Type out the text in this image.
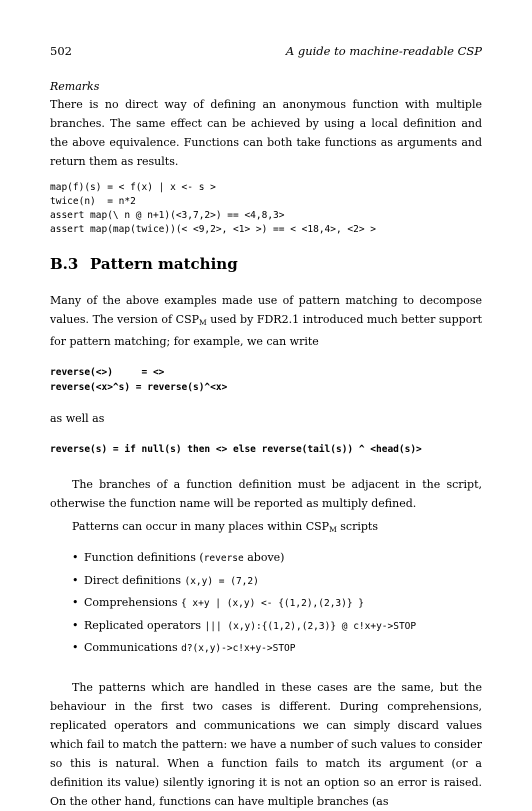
502	A guide to machine-readable CSP
Remarks

There is no direct way of defining an anonymous function with multiple branches. The same effect can be achieved by using a local definition and the above equivalence. Functions can both take functions as arguments and return them as results.

map(f)(s) = < f(x) | x <- s >
twice(n)  = n*2
assert map(\ n @ n+1)(<3,7,2>) == <4,8,3>
assert map(map(twice))(< <9,2>, <1> >) == < <18,4>, <2> >
B.3 Pattern matching

Many of the above examples made use of pattern matching to decompose values. The version of $CSP_M$ used by FDR2.1 introduced much better support for pattern matching; for example, we can write

reverse(<>)     = <>
reverse(<x>^s) = reverse(s)^<x>

as well as

reverse(s) = if null(s) then <> else reverse(tail(s)) ^ <head(s)>

The branches of a function definition must be adjacent in the script, otherwise the function name will be reported as multiply defined.

Patterns can occur in many places within $CSP_M$ scripts

• Function definitions (reverse above)
• Direct definitions (x,y) = (7,2)
• Comprehensions { x+y | (x,y) <- {(1,2),(2,3)} }
• Replicated operators ||| (x,y):{(1,2),(2,3)} @ c!x+y->STOP
• Communications d?(x,y)->c!x+y->STOP

The patterns which are handled in these cases are the same, but the behaviour in the first two cases is different. During comprehensions, replicated operators and communications we can simply discard values which fail to match the pattern: we have a number of such values to consider so this is natural. When a function fails to match its argument (or a definition its value) silently ignoring it is not an option so an error is raised. On the other hand, functions can have multiple branches (as
